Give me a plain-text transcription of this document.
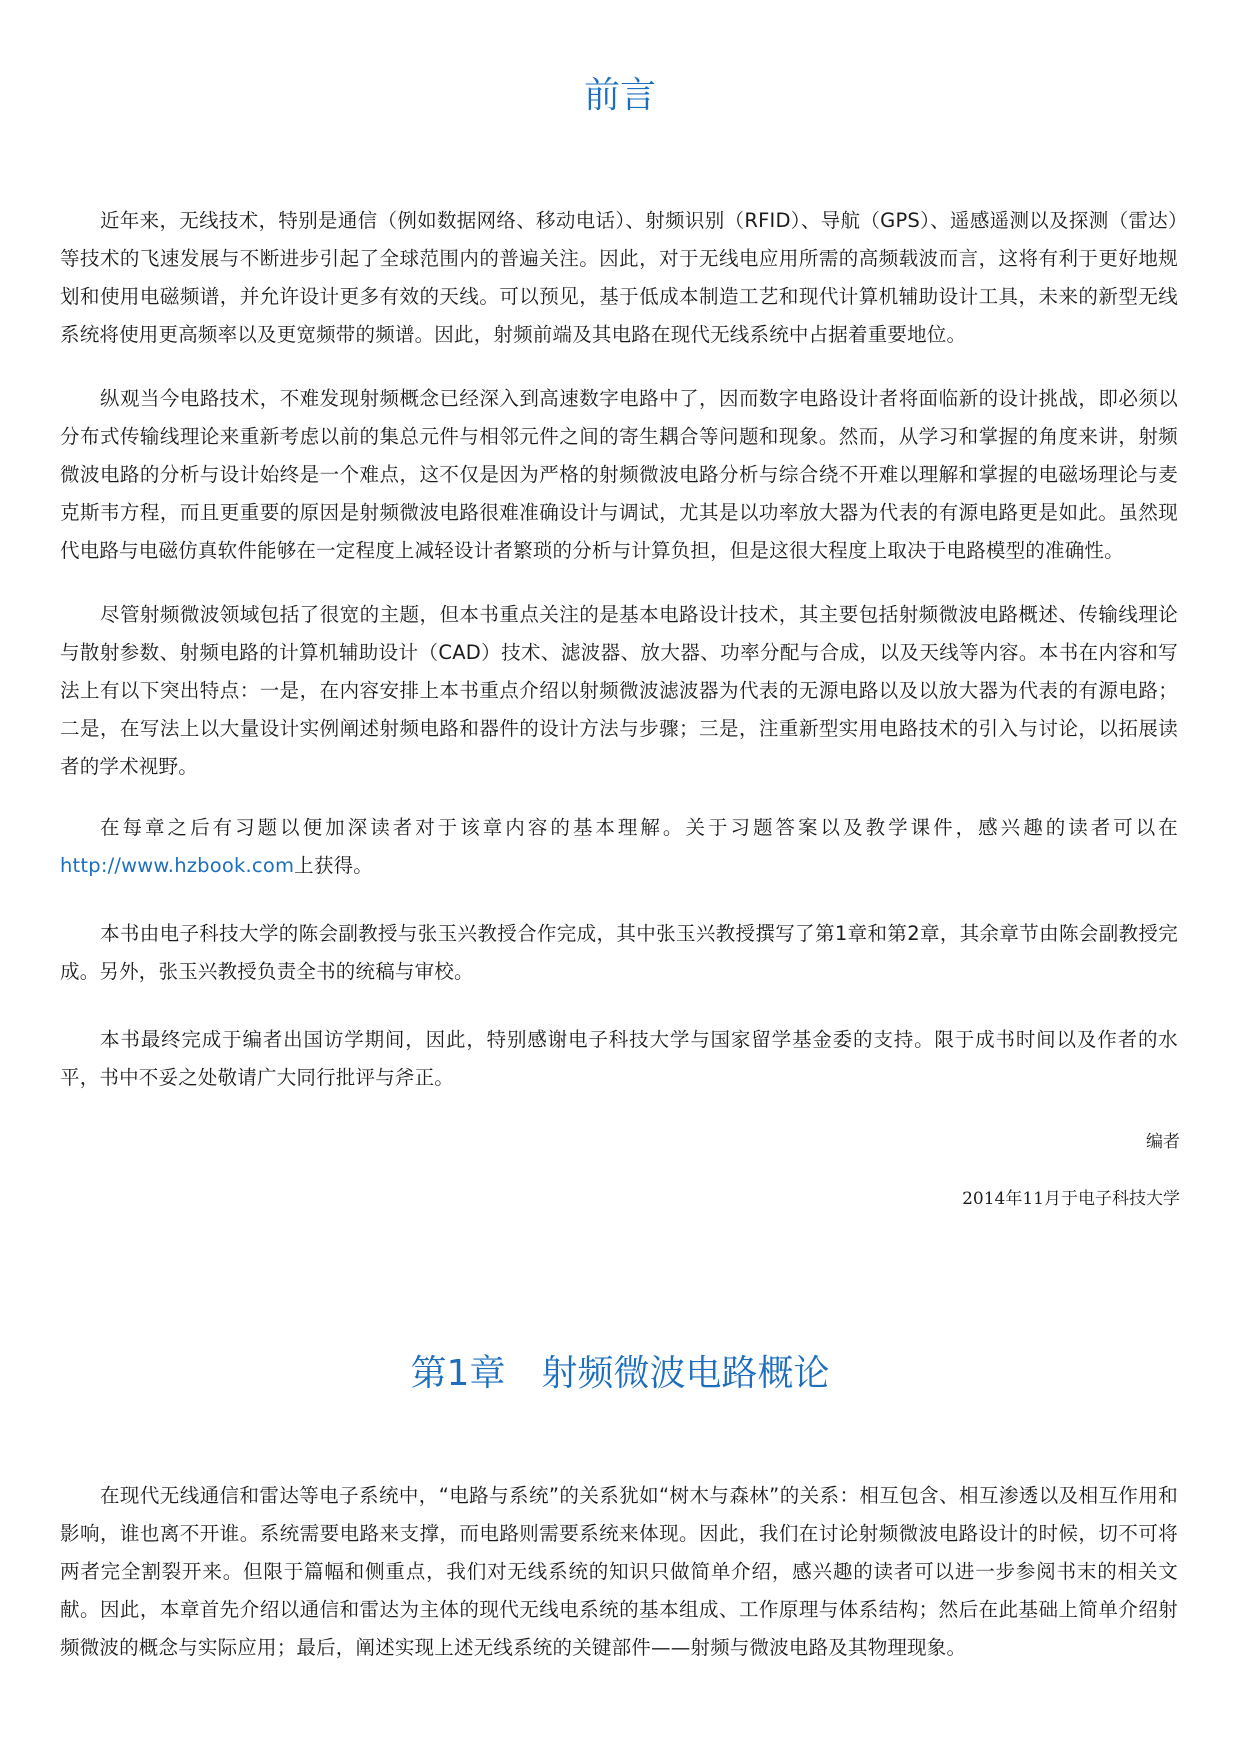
前言

近年来，无线技术，特别是通信（例如数据网络、移动电话）、射频识别（RFID）、导航（GPS）、遥感遥测以及探测（雷达）等技术的飞速发展与不断进步引起了全球范围内的普遍关注。因此，对于无线电应用所需的高频载波而言，这将有利于更好地规划和使用电磁频谱，并允许设计更多有效的天线。可以预见，基于低成本制造工艺和现代计算机辅助设计工具，未来的新型无线系统将使用更高频率以及更宽频带的频谱。因此，射频前端及其电路在现代无线系统中占据着重要地位。

纵观当今电路技术，不难发现射频概念已经深入到高速数字电路中了，因而数字电路设计者将面临新的设计挑战，即必须以分布式传输线理论来重新考虑以前的集总元件与相邻元件之间的寄生耦合等问题和现象。然而，从学习和掌握的角度来讲，射频微波电路的分析与设计始终是一个难点，这不仅是因为严格的射频微波电路分析与综合绕不开难以理解和掌握的电磁场理论与麦克斯韦方程，而且更重要的原因是射频微波电路很难准确设计与调试，尤其是以功率放大器为代表的有源电路更是如此。虽然现代电路与电磁仿真软件能够在一定程度上减轻设计者繁琐的分析与计算负担，但是这很大程度上取决于电路模型的准确性。

尽管射频微波领域包括了很宽的主题，但本书重点关注的是基本电路设计技术，其主要包括射频微波电路概述、传输线理论与散射参数、射频电路的计算机辅助设计（CAD）技术、滤波器、放大器、功率分配与合成，以及天线等内容。本书在内容和写法上有以下突出特点：一是，在内容安排上本书重点介绍以射频微波滤波器为代表的无源电路以及以放大器为代表的有源电路；二是，在写法上以大量设计实例阐述射频电路和器件的设计方法与步骤；三是，注重新型实用电路技术的引入与讨论，以拓展读者的学术视野。

在每章之后有习题以便加深读者对于该章内容的基本理解。关于习题答案以及教学课件，感兴趣的读者可以在http://www.hzbook.com上获得。

本书由电子科技大学的陈会副教授与张玉兴教授合作完成，其中张玉兴教授撰写了第1章和第2章，其余章节由陈会副教授完成。另外，张玉兴教授负责全书的统稿与审校。

本书最终完成于编者出国访学期间，因此，特别感谢电子科技大学与国家留学基金委的支持。限于成书时间以及作者的水平，书中不妥之处敬请广大同行批评与斧正。

编者

2014年11月于电子科技大学

第1章　射频微波电路概论

在现代无线通信和雷达等电子系统中，“电路与系统”的关系犹如“树木与森林”的关系：相互包含、相互渗透以及相互作用和影响，谁也离不开谁。系统需要电路来支撑，而电路则需要系统来体现。因此，我们在讨论射频微波电路设计的时候，切不可将两者完全割裂开来。但限于篇幅和侧重点，我们对无线系统的知识只做简单介绍，感兴趣的读者可以进一步参阅书末的相关文献。因此，本章首先介绍以通信和雷达为主体的现代无线电系统的基本组成、工作原理与体系结构；然后在此基础上简单介绍射频微波的概念与实际应用；最后，阐述实现上述无线系统的关键部件——射频与微波电路及其物理现象。
